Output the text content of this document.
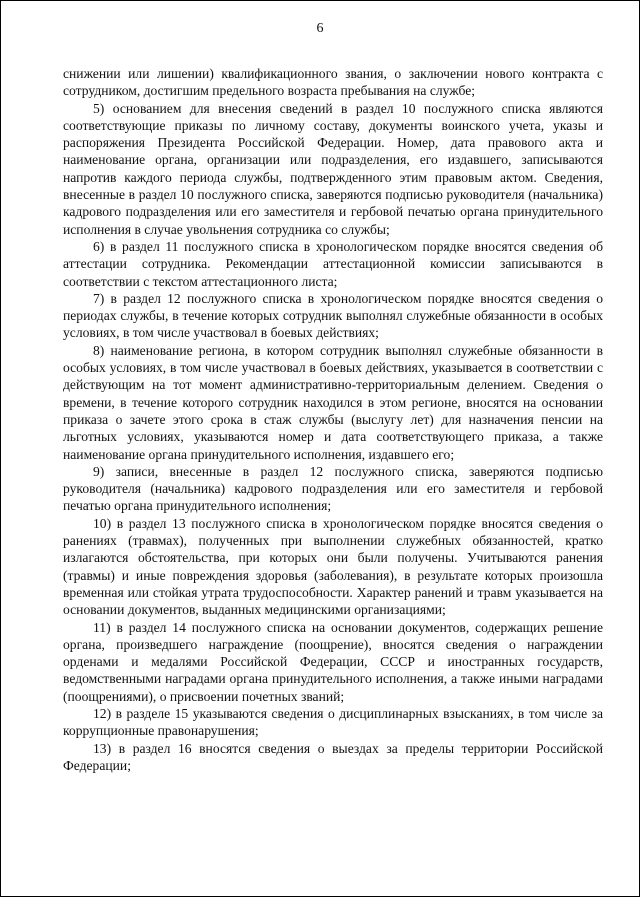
6

снижении или лишении) квалификационного звания, о заключении нового контракта с сотрудником, достигшим предельного возраста пребывания на службе;

5) основанием для внесения сведений в раздел 10 послужного списка являются соответствующие приказы по личному составу, документы воинского учета, указы и распоряжения Президента Российской Федерации. Номер, дата правового акта и наименование органа, организации или подразделения, его издавшего, записываются напротив каждого периода службы, подтвержденного этим правовым актом. Сведения, внесенные в раздел 10 послужного списка, заверяются подписью руководителя (начальника) кадрового подразделения или его заместителя и гербовой печатью органа принудительного исполнения в случае увольнения сотрудника со службы;

6) в раздел 11 послужного списка в хронологическом порядке вносятся сведения об аттестации сотрудника. Рекомендации аттестационной комиссии записываются в соответствии с текстом аттестационного листа;

7) в раздел 12 послужного списка в хронологическом порядке вносятся сведения о периодах службы, в течение которых сотрудник выполнял служебные обязанности в особых условиях, в том числе участвовал в боевых действиях;

8) наименование региона, в котором сотрудник выполнял служебные обязанности в особых условиях, в том числе участвовал в боевых действиях, указывается в соответствии с действующим на тот момент административно-территориальным делением. Сведения о времени, в течение которого сотрудник находился в этом регионе, вносятся на основании приказа о зачете этого срока в стаж службы (выслугу лет) для назначения пенсии на льготных условиях, указываются номер и дата соответствующего приказа, а также наименование органа принудительного исполнения, издавшего его;

9) записи, внесенные в раздел 12 послужного списка, заверяются подписью руководителя (начальника) кадрового подразделения или его заместителя и гербовой печатью органа принудительного исполнения;

10) в раздел 13 послужного списка в хронологическом порядке вносятся сведения о ранениях (травмах), полученных при выполнении служебных обязанностей, кратко излагаются обстоятельства, при которых они были получены. Учитываются ранения (травмы) и иные повреждения здоровья (заболевания), в результате которых произошла временная или стойкая утрата трудоспособности. Характер ранений и травм указывается на основании документов, выданных медицинскими организациями;

11) в раздел 14 послужного списка на основании документов, содержащих решение органа, произведшего награждение (поощрение), вносятся сведения о награждении орденами и медалями Российской Федерации, СССР и иностранных государств, ведомственными наградами органа принудительного исполнения, а также иными наградами (поощрениями), о присвоении почетных званий;

12) в разделе 15 указываются сведения о дисциплинарных взысканиях, в том числе за коррупционные правонарушения;

13) в раздел 16 вносятся сведения о выездах за пределы территории Российской Федерации;
